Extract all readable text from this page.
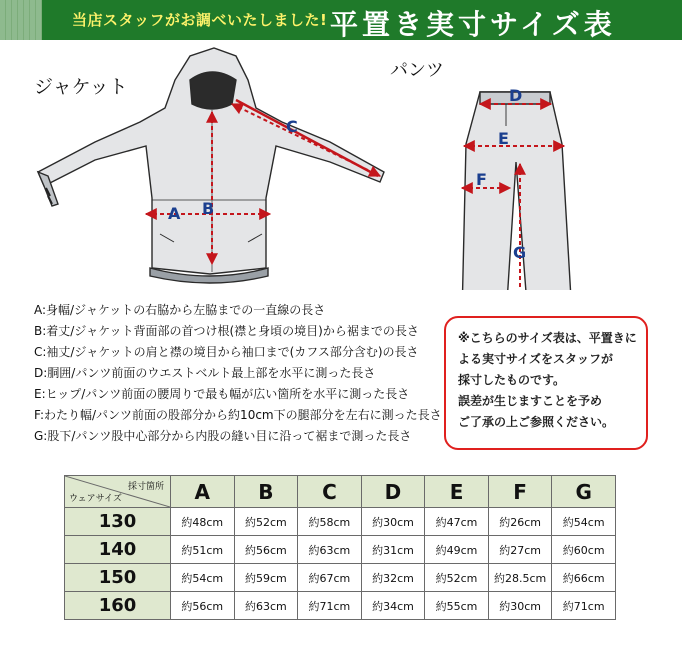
当店スタッフがお調べいたしました! 平置き実寸サイズ表
ジャケット
パンツ
A B
C
D
E
F
G
A:身幅/ジャケットの右脇から左脇までの一直線の長さ
B:着丈/ジャケット背面部の首つけ根(襟と身頃の境目)から裾までの長さ
C:袖丈/ジャケットの肩と襟の境目から袖口まで(カフス部分含む)の長さ
D:胴囲/パンツ前面のウエストベルト最上部を水平に測った長さ
E:ヒップ/パンツ前面の腰周りで最も幅が広い箇所を水平に測った長さ
F:わたり幅/パンツ前面の股部分から約10cm下の腿部分を左右に測った長さ
G:股下/パンツ股中心部分から内股の縫い目に沿って裾まで測った長さ
※こちらのサイズ表は、平置きに
よる実寸サイズをスタッフが
採寸したものです。
誤差が生じますことを予め
ご了承の上ご参照ください。
採寸箇所
ウェアサイズ	A	B	C	D	E	F	G
130	約48cm	約52cm	約58cm	約30cm	約47cm	約26cm	約54cm
140	約51cm	約56cm	約63cm	約31cm	約49cm	約27cm	約60cm
150	約54cm	約59cm	約67cm	約32cm	約52cm	約28.5cm	約66cm
160	約56cm	約63cm	約71cm	約34cm	約55cm	約30cm	約71cm
